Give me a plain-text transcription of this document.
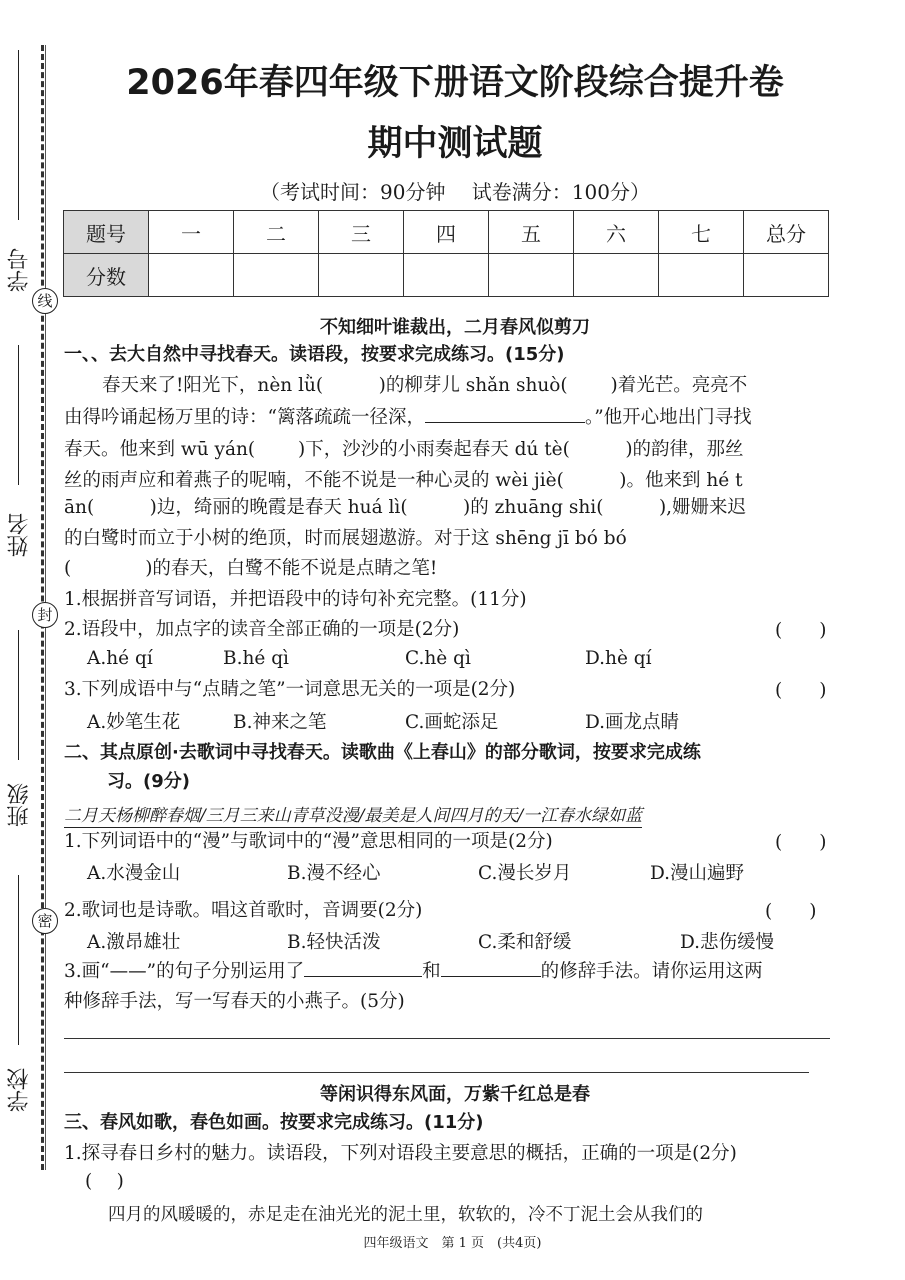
学号
线
姓名
封
班级
密
学校
2026年春四年级下册语文阶段综合提升卷
期中测试题
（考试时间：90分钟　 试卷满分：100分）
题号	一	二	三	四	五	六	七	总分
分数								
不知细叶谁裁出，二月春风似剪刀
一、、去大自然中寻找春天。读语段，按要求完成练习。(15分)
春天来了!阳光下，nèn lǜ(　　　)的柳芽儿 shǎn shuò(　　 )着光芒。亮亮不
由得吟诵起杨万里的诗：“篱落疏疏一径深，	。”他开心地出门寻找
春天。他来到 wū yán(　　 )下，沙沙的小雨奏起春天 dú tè(　　　)的韵律，那丝
丝的雨声应和着燕子的呢喃，不能不说是一种心灵的 wèi jiè(　　　)。他来到 hé t
ān(　　　)边，绮丽的晚霞是春天 huá lì(　　　)的 zhuāng shi(　　　),姗姗来迟
的白鹭时而立于小树的绝顶，时而展翅遨游。对于这 shēng jī bó bó
(　　　　)的春天，白鹭不能不说是点睛之笔!
1.根据拼音写词语，并把语段中的诗句补充完整。(11分)
2.语段中，加点字的读音全部正确的一项是(2分)	(　　)
A.hé qí	B.hé qì	C.hè qì	D.hè qí
3.下列成语中与“点睛之笔”一词意思无关的一项是(2分)	(　　)
A.妙笔生花	B.神来之笔	C.画蛇添足	D.画龙点睛
二、其点原创·去歌词中寻找春天。读歌曲《上春山》的部分歌词，按要求完成练
习。(9分)
二月天杨柳醉春烟/三月三来山青草没漫/最美是人间四月的天/一江春水绿如蓝
1.下列词语中的“漫”与歌词中的“漫”意思相同的一项是(2分)	(　　)
A.水漫金山	B.漫不经心	C.漫长岁月	D.漫山遍野
2.歌词也是诗歌。唱这首歌时，音调要(2分)	(　　)
A.激昂雄壮	B.轻快活泼	C.柔和舒缓	D.悲伤缓慢
3.画“——”的句子分别运用了	和	的修辞手法。请你运用这两
种修辞手法，写一写春天的小燕子。(5分)
等闲识得东风面，万紫千红总是春
三、春风如歌，春色如画。按要求完成练习。(11分)
1.探寻春日乡村的魅力。读语段，下列对语段主要意思的概括，正确的一项是(2分)
(　 )
四月的风暖暖的，赤足走在油光光的泥土里，软软的，冷不丁泥土会从我们的
四年级语文　第 1 页　(共4页)
